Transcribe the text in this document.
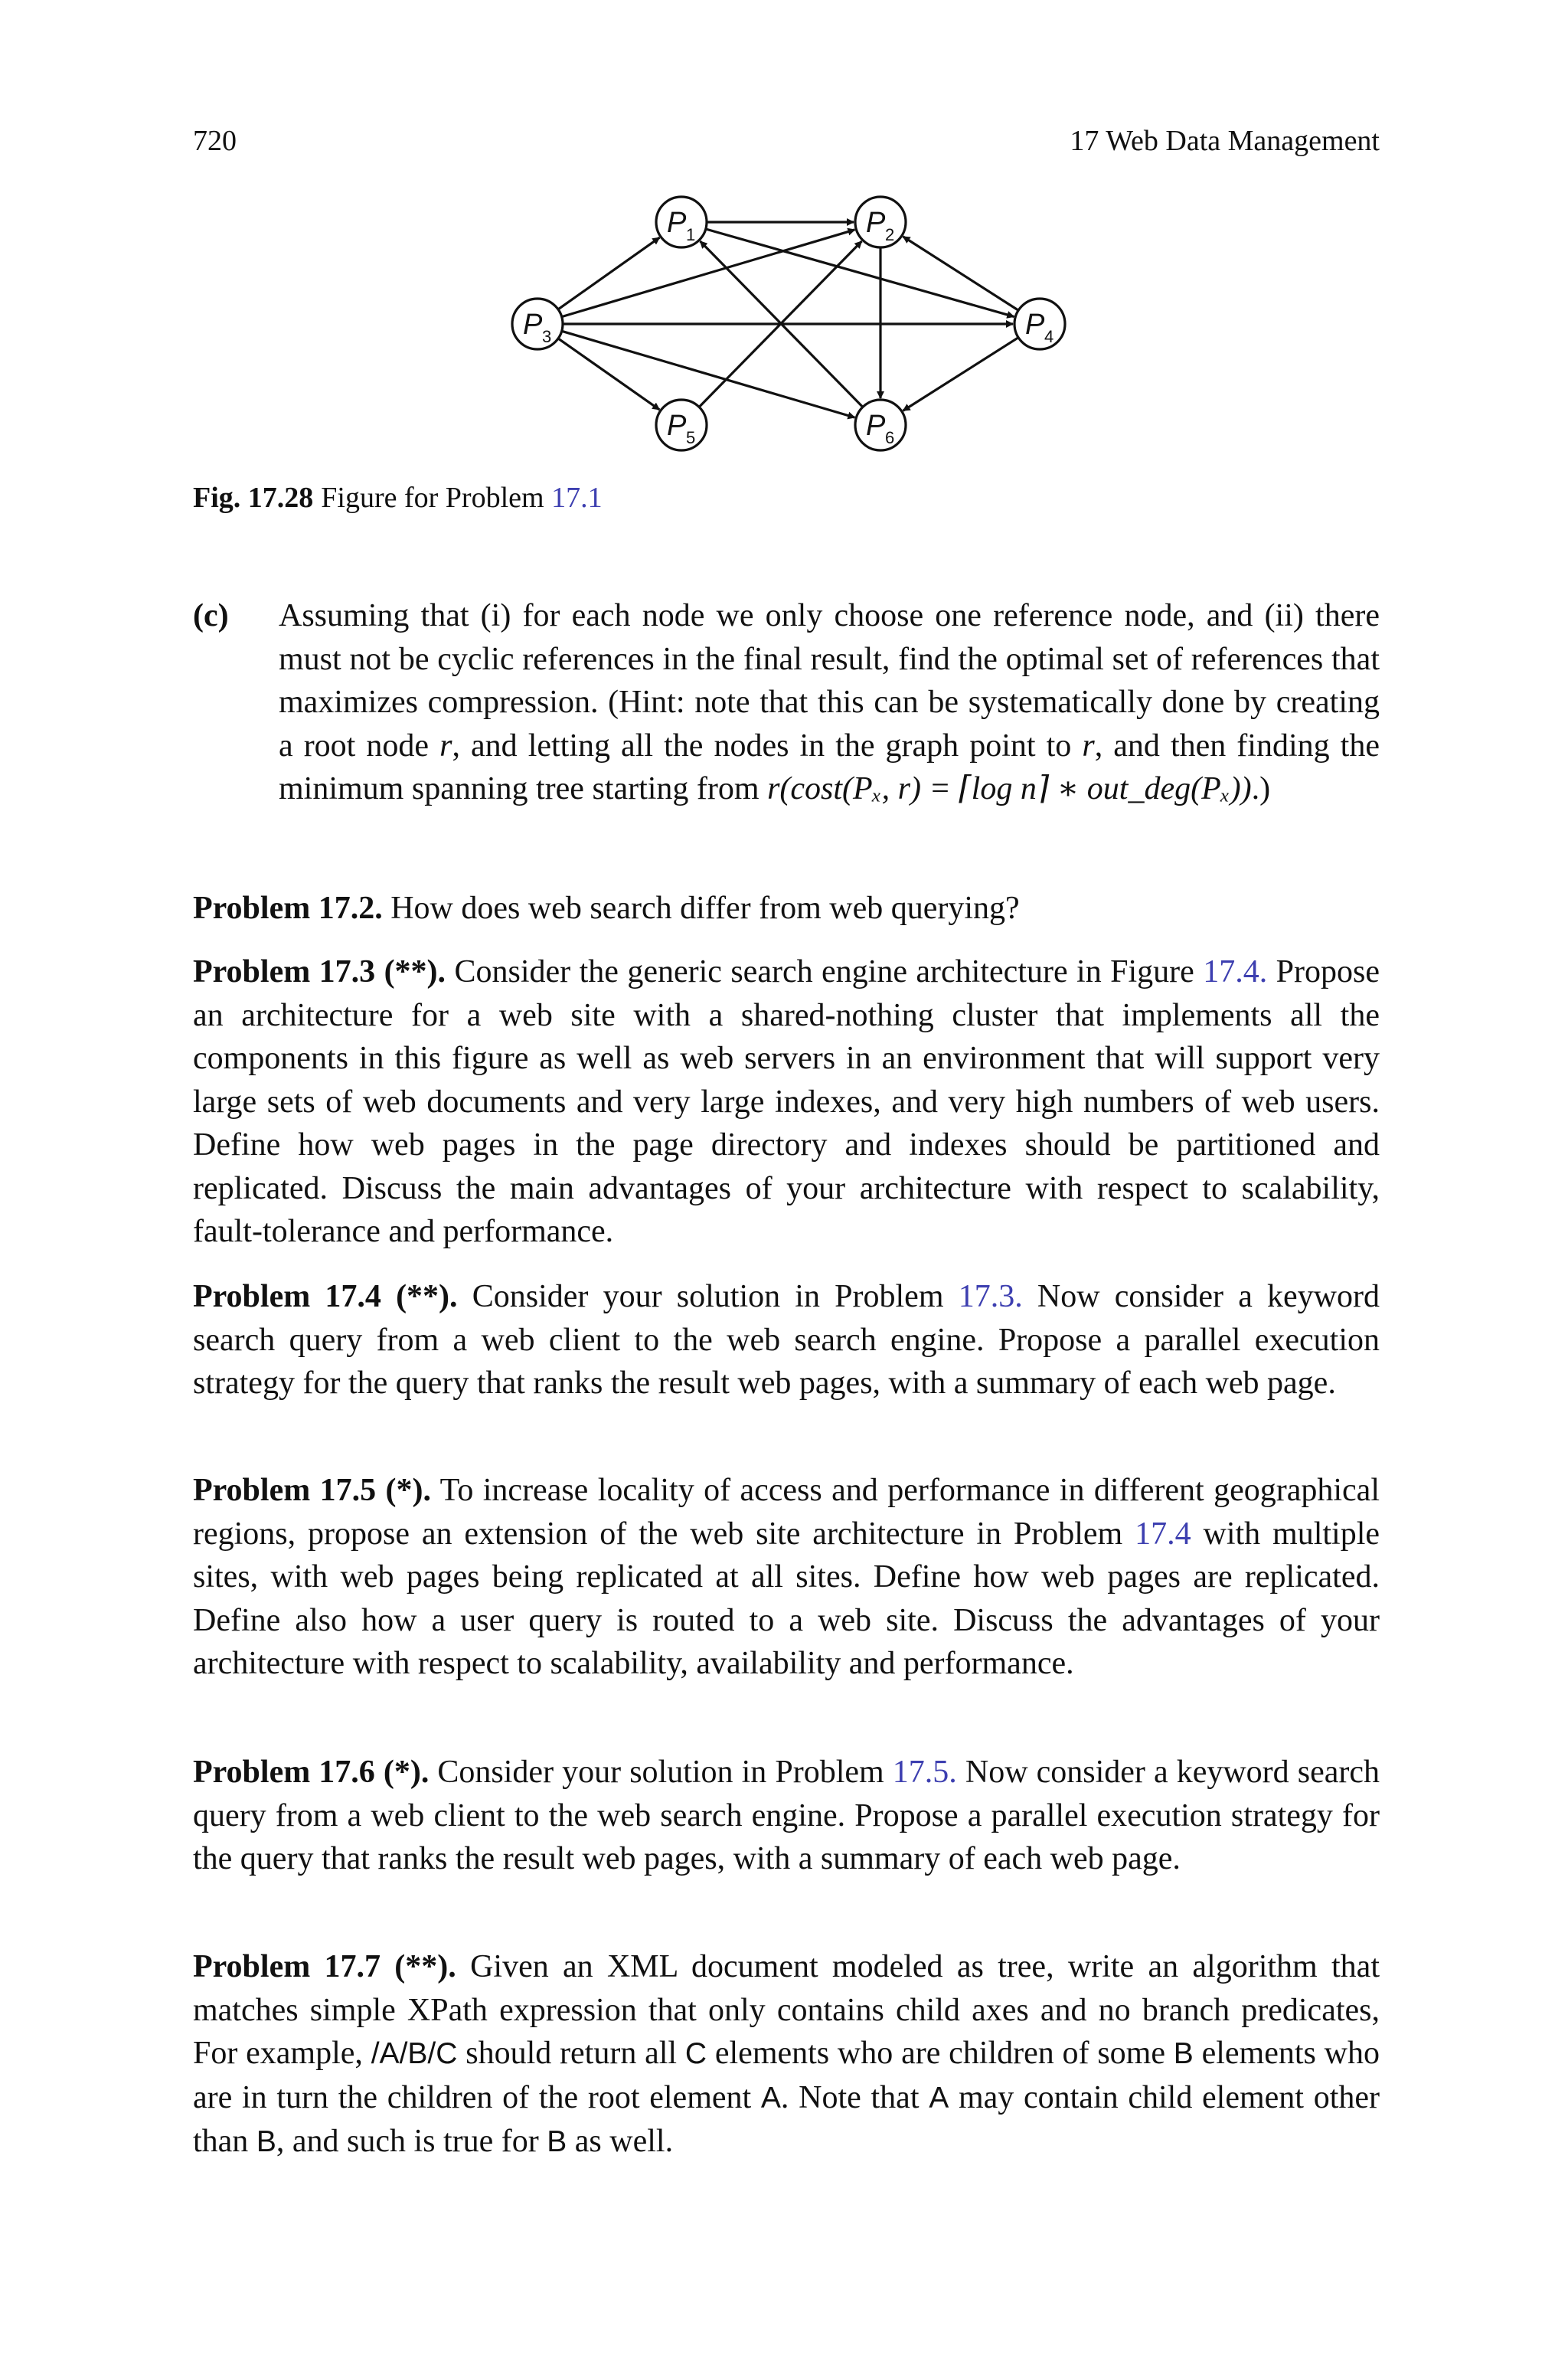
720	17 Web Data Management
P 1	P 2
P 3	P 4
P 5	P 6
Fig. 17.28 Figure for Problem 17.1
(c)	Assuming that (i) for each node we only choose one reference node, and (ii) there must not be cyclic references in the final result, find the optimal set of references that maximizes compression. (Hint: note that this can be systematically done by creating a root node r, and letting all the nodes in the graph point to r, and then finding the minimum spanning tree starting from r(cost(Pₓ, r) = ⌈log n⌉ ∗ out_deg(Pₓ)).)
Problem 17.2. How does web search differ from web querying?
Problem 17.3 (**). Consider the generic search engine architecture in Figure 17.4. Propose an architecture for a web site with a shared-nothing cluster that implements all the components in this figure as well as web servers in an environment that will support very large sets of web documents and very large indexes, and very high numbers of web users. Define how web pages in the page directory and indexes should be partitioned and replicated. Discuss the main advantages of your architecture with respect to scalability, fault-tolerance and performance.
Problem 17.4 (**). Consider your solution in Problem 17.3. Now consider a keyword search query from a web client to the web search engine. Propose a parallel execution strategy for the query that ranks the result web pages, with a summary of each web page.
Problem 17.5 (*). To increase locality of access and performance in different geographical regions, propose an extension of the web site architecture in Problem 17.4 with multiple sites, with web pages being replicated at all sites. Define how web pages are replicated. Define also how a user query is routed to a web site. Discuss the advantages of your architecture with respect to scalability, availability and performance.
Problem 17.6 (*). Consider your solution in Problem 17.5. Now consider a keyword search query from a web client to the web search engine. Propose a parallel execution strategy for the query that ranks the result web pages, with a summary of each web page.
Problem 17.7 (**). Given an XML document modeled as tree, write an algorithm that matches simple XPath expression that only contains child axes and no branch predicates, For example, /A/B/C should return all C elements who are children of some B elements who are in turn the children of the root element A. Note that A may contain child element other than B, and such is true for B as well.
